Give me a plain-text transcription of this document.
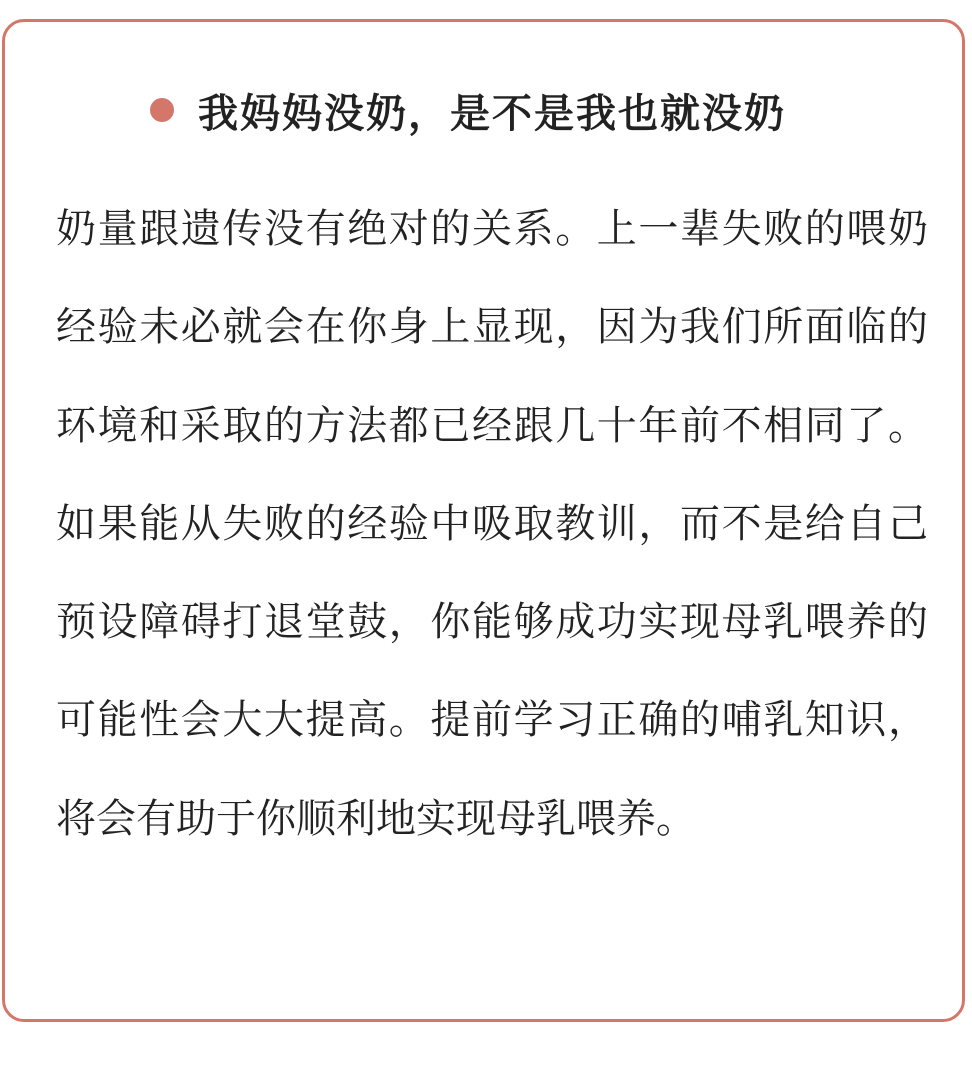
我妈妈没奶，是不是我也就没奶

奶量跟遗传没有绝对的关系。上一辈失败的喂奶经验未必就会在你身上显现，因为我们所面临的环境和采取的方法都已经跟几十年前不相同了。如果能从失败的经验中吸取教训，而不是给自己预设障碍打退堂鼓，你能够成功实现母乳喂养的可能性会大大提高。提前学习正确的哺乳知识，将会有助于你顺利地实现母乳喂养。
